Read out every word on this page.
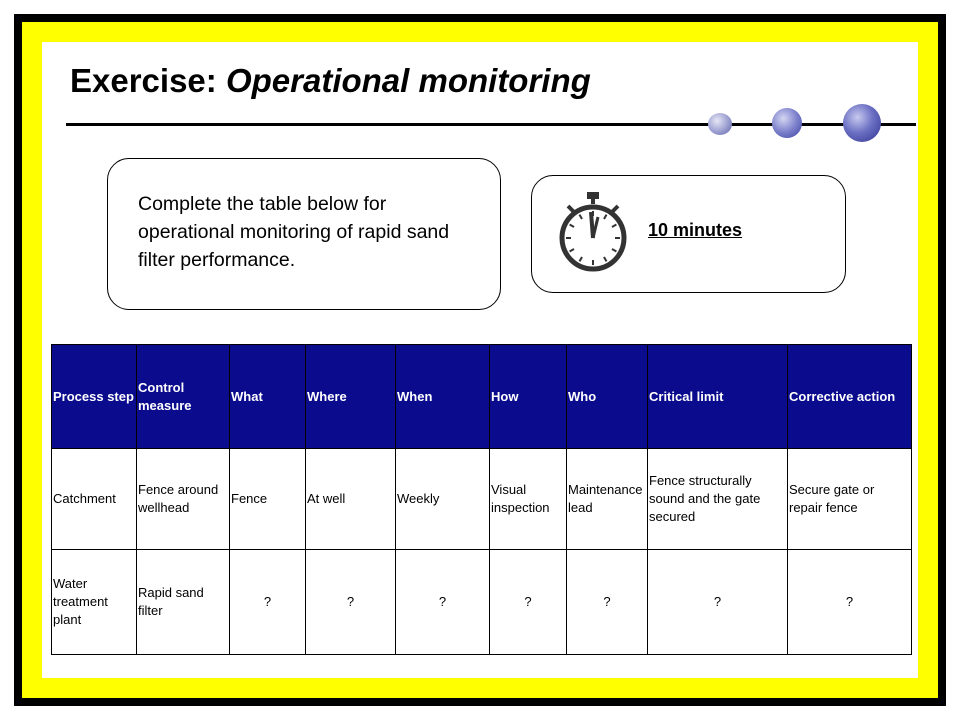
Exercise: Operational monitoring
Complete the table below for operational monitoring of rapid sand filter performance.
10 minutes
Process step	Control measure	What	Where	When	How	Who	Critical limit	Corrective action
Catchment	Fence around wellhead	Fence	At well	Weekly	Visual inspection	Maintenance lead	Fence structurally sound and the gate secured	Secure gate or repair fence
Water treatment plant	Rapid sand filter	?	?	?	?	?	?	?
